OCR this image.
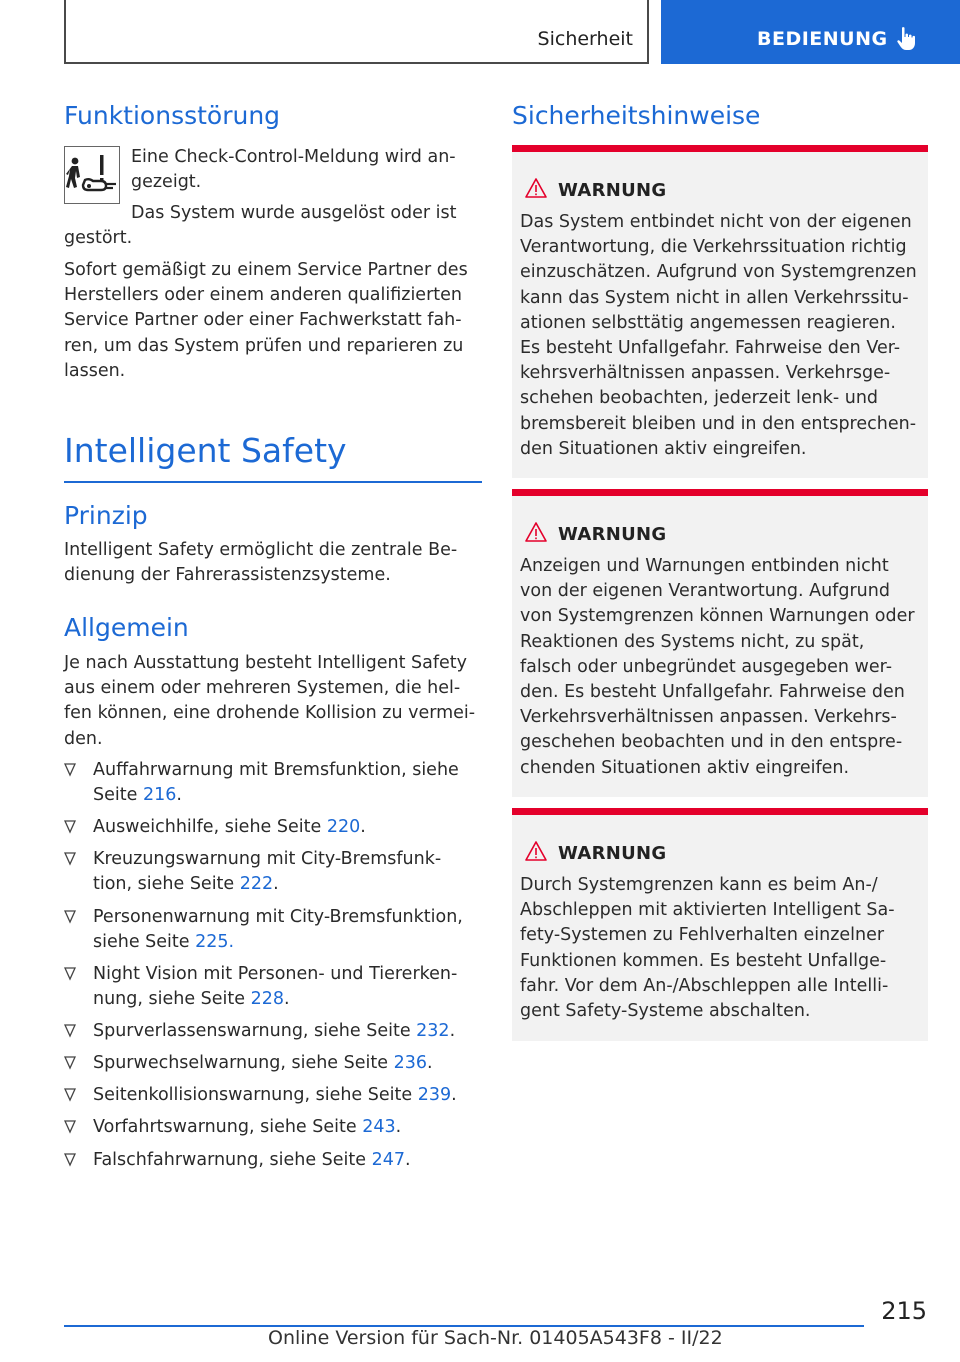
Sicherheit	BEDIENUNG
Funktionsstörung
Eine Check-Control-Meldung wird an-
gezeigt.
Das System wurde ausgelöst oder ist
gestört.
Sofort gemäßigt zu einem Service Partner des
Herstellers oder einem anderen qualifizierten
Service Partner oder einer Fachwerkstatt fah-
ren, um das System prüfen und reparieren zu
lassen.
Intelligent Safety
Prinzip
Intelligent Safety ermöglicht die zentrale Be-
dienung der Fahrerassistenzsysteme.
Allgemein
Je nach Ausstattung besteht Intelligent Safety
aus einem oder mehreren Systemen, die hel-
fen können, eine drohende Kollision zu vermei-
den.
Auffahrwarnung mit Bremsfunktion, siehe
Seite 216.
Ausweichhilfe, siehe Seite 220.
Kreuzungswarnung mit City-Bremsfunk-
tion, siehe Seite 222.
Personenwarnung mit City-Bremsfunktion,
siehe Seite 225.
Night Vision mit Personen- und Tiererken-
nung, siehe Seite 228.
Spurverlassenswarnung, siehe Seite 232.
Spurwechselwarnung, siehe Seite 236.
Seitenkollisionswarnung, siehe Seite 239.
Vorfahrtswarnung, siehe Seite 243.
Falschfahrwarnung, siehe Seite 247.
Sicherheitshinweise
WARNUNG
Das System entbindet nicht von der eigenen
Verantwortung, die Verkehrssituation richtig
einzuschätzen. Aufgrund von Systemgrenzen
kann das System nicht in allen Verkehrssitu-
ationen selbsttätig angemessen reagieren.
Es besteht Unfallgefahr. Fahrweise den Ver-
kehrsverhältnissen anpassen. Verkehrsge-
schehen beobachten, jederzeit lenk- und
bremsbereit bleiben und in den entsprechen-
den Situationen aktiv eingreifen.
WARNUNG
Anzeigen und Warnungen entbinden nicht
von der eigenen Verantwortung. Aufgrund
von Systemgrenzen können Warnungen oder
Reaktionen des Systems nicht, zu spät,
falsch oder unbegründet ausgegeben wer-
den. Es besteht Unfallgefahr. Fahrweise den
Verkehrsverhältnissen anpassen. Verkehrs-
geschehen beobachten und in den entspre-
chenden Situationen aktiv eingreifen.
WARNUNG
Durch Systemgrenzen kann es beim An-/
Abschleppen mit aktivierten Intelligent Sa-
fety-Systemen zu Fehlverhalten einzelner
Funktionen kommen. Es besteht Unfallge-
fahr. Vor dem An-/Abschleppen alle Intelli-
gent Safety-Systeme abschalten.
215
Online Version für Sach-Nr. 01405A543F8 - II/22
